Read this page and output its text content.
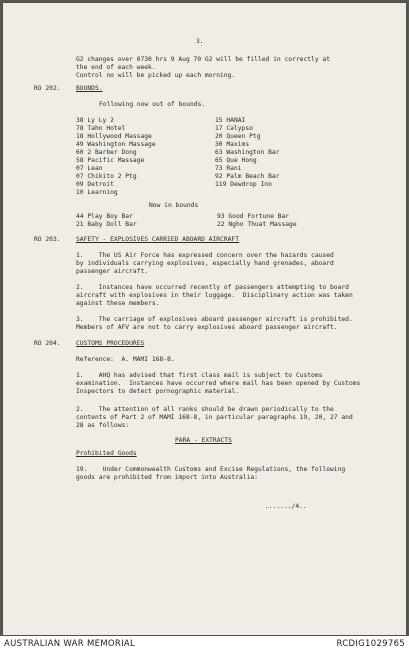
3.
G2 changes over 0730 hrs 9 Aug 70 G2 will be filled in correctly at
the end of each week.
Control no will be picked up each morning.
RO 202. BOUNDS.
Following now out of bounds.
38 Ly Ly 2
78 Tahn Hotel
18 Hollywood Massage
49 Washington Massage
60 2 Barber Dong
58 Pacific Massage
07 Lean
07 Chikito 2 Ptg
09 Detroit
10 Learning
15 HANAI
17 Calypso
20 Queen Ptg
30 Maxims
63 Washington Bar
65 Que Hong
73 Rani
92 Palm Beach Bar
119 Dewdrop Inn
Now in bounds
44 Play Boy Bar
21 Baby Doll Bar
93 Good Fortune Bar
22 Ngho Thuat Massage
RO 203. SAFETY - EXPLOSIVES CARRIED ABOARD AIRCRAFT
1.    The US Air Force has expressed concern over the hazards caused
by individuals carrying explosives, especially hand grenades, aboard
passenger aircraft.
2.    Instances have occurred recently of passengers attempting to board
aircraft with explosives in their luggage.  Disciplinary action was taken
against these members.
3.    The carriage of explosives aboard passenger aircraft is prohibited.
Members of AFV are not to carry explosives aboard passenger aircraft.
RO 204. CUSTOMS PROCEDURES
Reference:  A. MAMI 168-8.
1.    AHQ has advised that first class mail is subject to Customs
examination.  Instances have occurred where mail has been opened by Customs
Inspectors to detect pornographic material.
2.    The attention of all ranks should be drawn periodically to the
contents of Part 2 of MAMI 168-8, in particular paragraphs 19, 20, 27 and
28 as follows:
PARA - EXTRACTS
Prohibited Goods
19.    Under Commonwealth Customs and Excise Regulations, the following
goods are prohibited from import into Australia:
......./4..
AUSTRALIAN WAR MEMORIAL	RCDIG1029765
